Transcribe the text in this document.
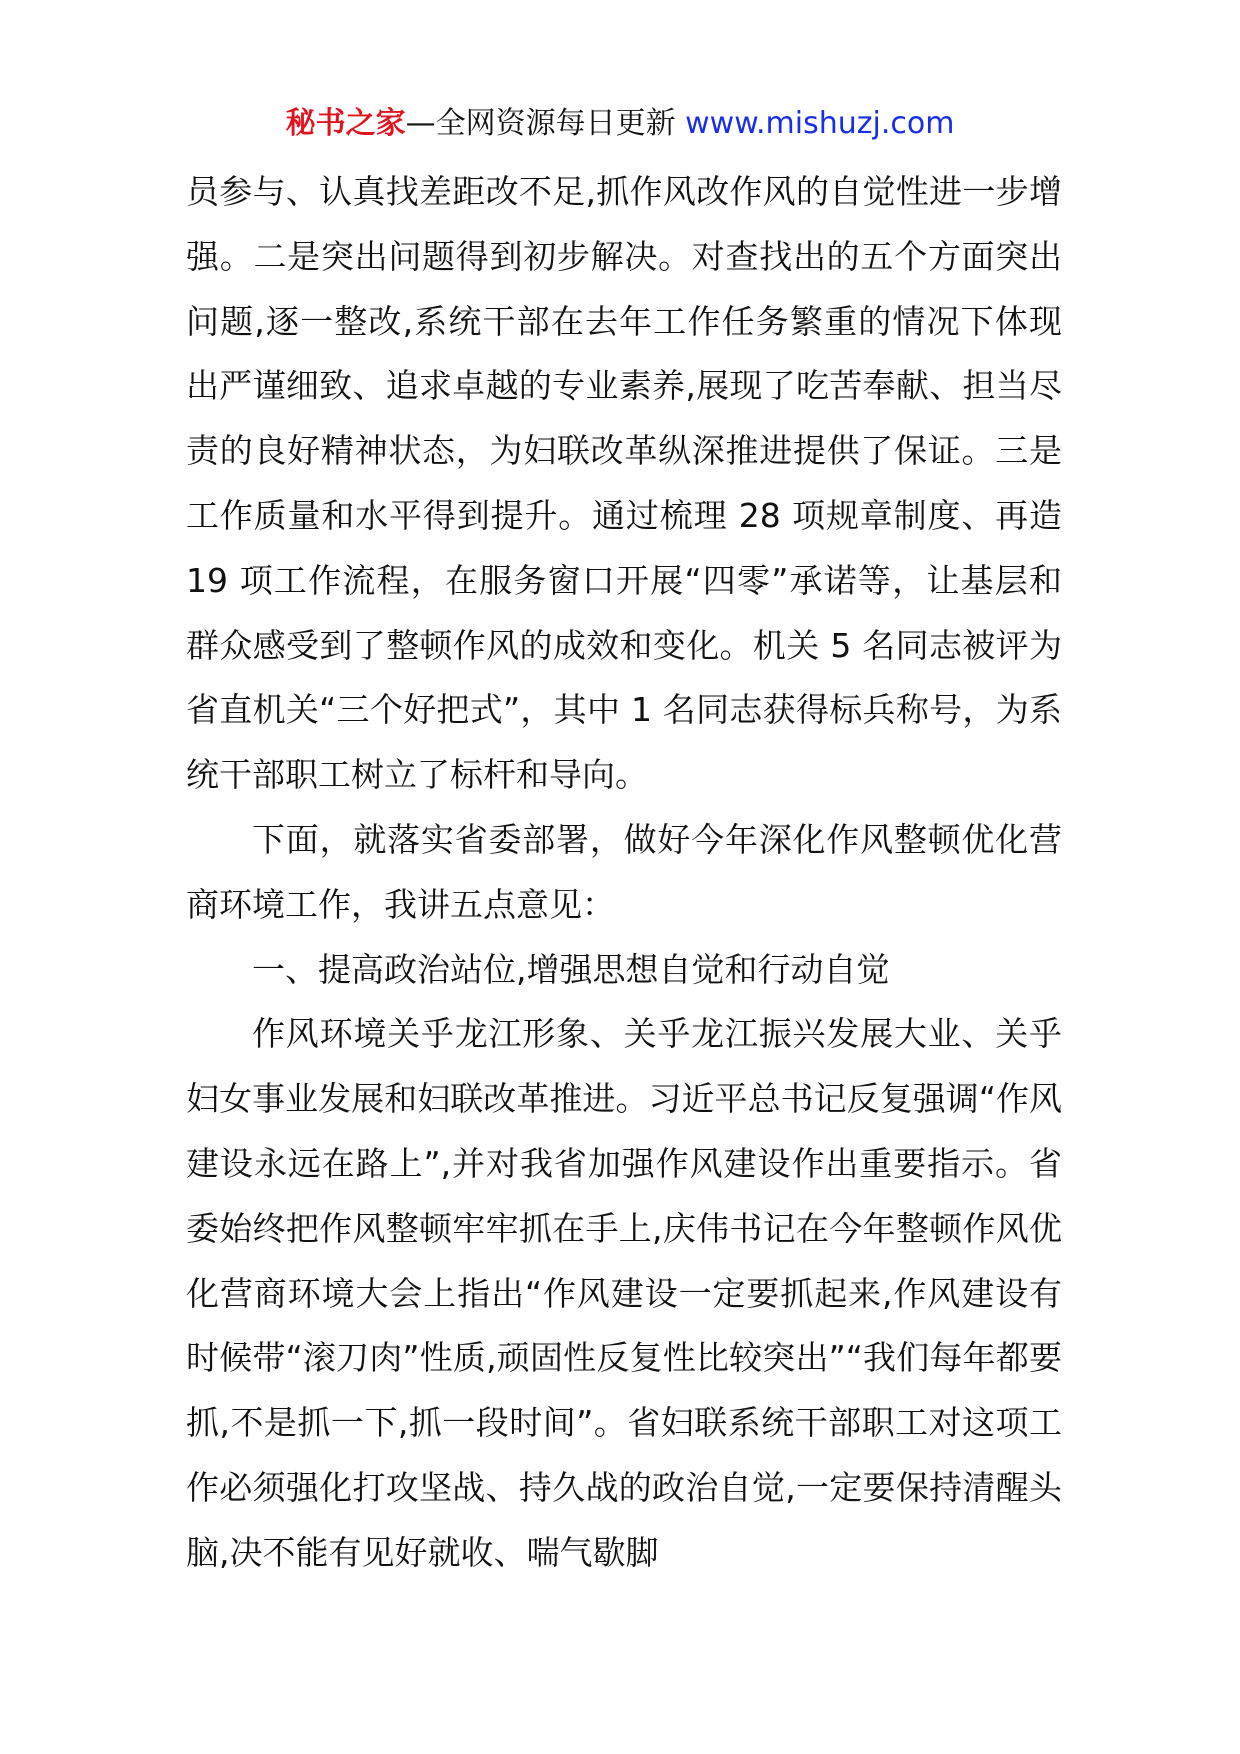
秘书之家—全网资源每日更新 www.mishuzj.com

员参与、认真找差距改不足,抓作风改作风的自觉性进一步增强。二是突出问题得到初步解决。对查找出的五个方面突出问题,逐一整改,系统干部在去年工作任务繁重的情况下体现出严谨细致、追求卓越的专业素养,展现了吃苦奉献、担当尽责的良好精神状态，为妇联改革纵深推进提供了保证。三是工作质量和水平得到提升。通过梳理 28 项规章制度、再造 19 项工作流程，在服务窗口开展“四零”承诺等，让基层和群众感受到了整顿作风的成效和变化。机关 5 名同志被评为省直机关“三个好把式”，其中 1 名同志获得标兵称号，为系统干部职工树立了标杆和导向。

下面，就落实省委部署，做好今年深化作风整顿优化营商环境工作，我讲五点意见：

一、提高政治站位,增强思想自觉和行动自觉

作风环境关乎龙江形象、关乎龙江振兴发展大业、关乎妇女事业发展和妇联改革推进。习近平总书记反复强调“作风建设永远在路上”,并对我省加强作风建设作出重要指示。省委始终把作风整顿牢牢抓在手上,庆伟书记在今年整顿作风优化营商环境大会上指出“作风建设一定要抓起来,作风建设有时候带“滚刀肉”性质,顽固性反复性比较突出”“我们每年都要抓,不是抓一下,抓一段时间”。省妇联系统干部职工对这项工作必须强化打攻坚战、持久战的政治自觉,一定要保持清醒头脑,决不能有见好就收、喘气歇脚
